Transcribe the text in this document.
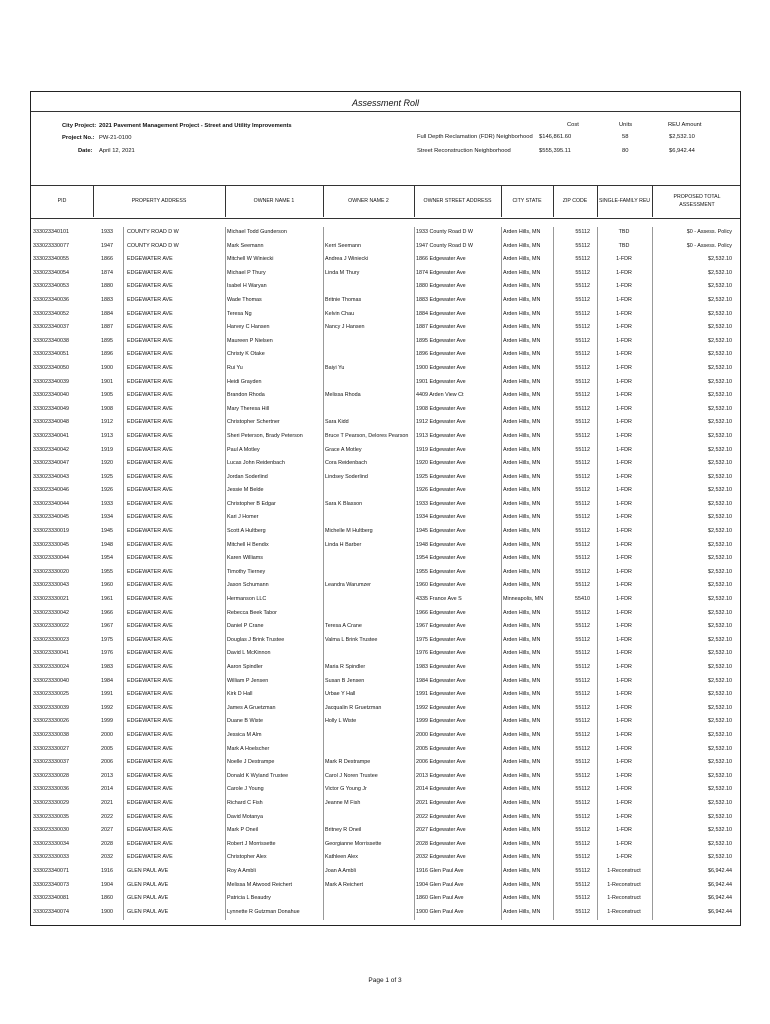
Assessment Roll
City Project: 2021 Pavement Management Project - Street and Utility Improvements
Project No.: PW-21-0100
Date: April 12, 2021
Cost	Units	REU Amount
Full Depth Reclamation (FDR) Neighborhood $146,861.60	58	$2,532.10
Street Reconstruction Neighborhood	$555,395.11	80	$6,942.44
PID	PROPERTY ADDRESS	OWNER NAME 1	OWNER NAME 2	OWNER STREET ADDRESS	CITY STATE	ZIP CODE	SINGLE-FAMILY REU
PROPOSED TOTAL
ASSESSMENT
333023340101	1933	COUNTY ROAD D W	Michael Todd Gunderson	1933 County Road D W	Arden Hills, MN	55112	TBD	$0 - Assess. Policy
333023330077	1947	COUNTY ROAD D W	Mark Seemann	Kerri Seemann	1947 County Road D W	Arden Hills, MN	55112	TBD	$0 - Assess. Policy
333023340055	1866	EDGEWATER AVE	Mitchell W Winiecki	Andrea J Winiecki	1866 Edgewater Ave	Arden Hills, MN	55112	1-FDR	$2,532.10
333023340054	1874	EDGEWATER AVE	Michael P Thury	Linda M Thury	1874 Edgewater Ave	Arden Hills, MN	55112	1-FDR	$2,532.10
333023340053	1880	EDGEWATER AVE	Isabel H Waryan	1880 Edgewater Ave	Arden Hills, MN	55112	1-FDR	$2,532.10
333023340036	1883	EDGEWATER AVE	Wade Thomas	Britnie Thomas	1883 Edgewater Ave	Arden Hills, MN	55112	1-FDR	$2,532.10
333023340052	1884	EDGEWATER AVE	Teresa Ng	Kelvin Chau	1884 Edgewater Ave	Arden Hills, MN	55112	1-FDR	$2,532.10
333023340037	1887	EDGEWATER AVE	Harvey C Hansen	Nancy J Hansen	1887 Edgewater Ave	Arden Hills, MN	55112	1-FDR	$2,532.10
333023340038	1895	EDGEWATER AVE	Maureen P Nielsen	1895 Edgewater Ave	Arden Hills, MN	55112	1-FDR	$2,532.10
333023340051	1896	EDGEWATER AVE	Christy K Otake	1896 Edgewater Ave	Arden Hills, MN	55112	1-FDR	$2,532.10
333023340050	1900	EDGEWATER AVE	Rui Yu	Baiyi Yu	1900 Edgewater Ave	Arden Hills, MN	55112	1-FDR	$2,532.10
333023340039	1901	EDGEWATER AVE	Heidi Grayden	1901 Edgewater Ave	Arden Hills, MN	55112	1-FDR	$2,532.10
333023340040	1905	EDGEWATER AVE	Brandon Rhoda	Melissa Rhoda	4409 Arden View Ct	Arden Hills, MN	55112	1-FDR	$2,532.10
333023340049	1908	EDGEWATER AVE	Mary Theresa Hill	1908 Edgewater Ave	Arden Hills, MN	55112	1-FDR	$2,532.10
333023340048	1912	EDGEWATER AVE	Christopher Schertner	Sara Kidd	1912 Edgewater Ave	Arden Hills, MN	55112	1-FDR	$2,532.10
333023340041	1913	EDGEWATER AVE	Sheri Peterson, Brady Peterson	Bruce T Pearson, Delores Pearson 1913 Edgewater Ave	Arden Hills, MN	55112	1-FDR	$2,532.10
333023340042	1919	EDGEWATER AVE	Paul A Motley	Grace A Motley	1919 Edgewater Ave	Arden Hills, MN	55112	1-FDR	$2,532.10
333023340047	1920	EDGEWATER AVE	Lucas John Reidenbach	Cora Reidenbach	1920 Edgewater Ave	Arden Hills, MN	55112	1-FDR	$2,532.10
333023340043	1925	EDGEWATER AVE	Jordan Soderlind	Lindsey Soderlind	1925 Edgewater Ave	Arden Hills, MN	55112	1-FDR	$2,532.10
333023340046	1926	EDGEWATER AVE	Jessie M Belde	1926 Edgewater Ave	Arden Hills, MN	55112	1-FDR	$2,532.10
333023340044	1933	EDGEWATER AVE	Christopher B Edgar	Sara K Blasson	1933 Edgewater Ave	Arden Hills, MN	55112	1-FDR	$2,532.10
333023340045	1934	EDGEWATER AVE	Kari J Homer	1934 Edgewater Ave	Arden Hills, MN	55112	1-FDR	$2,532.10
333023330019	1945	EDGEWATER AVE	Scott A Hultberg	Michelle M Hultberg	1945 Edgewater Ave	Arden Hills, MN	55112	1-FDR	$2,532.10
333023330045	1948	EDGEWATER AVE	Mitchell H Bendix	Linda H Barber	1948 Edgewater Ave	Arden Hills, MN	55112	1-FDR	$2,532.10
333023330044	1954	EDGEWATER AVE	Karen Williams	1954 Edgewater Ave	Arden Hills, MN	55112	1-FDR	$2,532.10
333023330020	1955	EDGEWATER AVE	Timothy Tierney	1955 Edgewater Ave	Arden Hills, MN	55112	1-FDR	$2,532.10
333023330043	1960	EDGEWATER AVE	Jason Schumann	Leandra Warumzer	1960 Edgewater Ave	Arden Hills, MN	55112	1-FDR	$2,532.10
333023330021	1961	EDGEWATER AVE	Hermanson LLC	4335 France Ave S	Minneapolis, MN	55410	1-FDR	$2,532.10
333023330042	1966	EDGEWATER AVE	Rebecca Beek Tabor	1966 Edgewater Ave	Arden Hills, MN	55112	1-FDR	$2,532.10
333023330022	1967	EDGEWATER AVE	Daniel P Crane	Teresa A Crane	1967 Edgewater Ave	Arden Hills, MN	55112	1-FDR	$2,532.10
333023330023	1975	EDGEWATER AVE	Douglas J Brink Trustee	Valma L Brink Trustee	1975 Edgewater Ave	Arden Hills, MN	55112	1-FDR	$2,532.10
333023330041	1976	EDGEWATER AVE	David L McKinnon	1976 Edgewater Ave	Arden Hills, MN	55112	1-FDR	$2,532.10
333023330024	1983	EDGEWATER AVE	Aaron Spindler	Maria R Spindler	1983 Edgewater Ave	Arden Hills, MN	55112	1-FDR	$2,532.10
333023330040	1984	EDGEWATER AVE	William P Jensen	Susan B Jensen	1984 Edgewater Ave	Arden Hills, MN	55112	1-FDR	$2,532.10
333023330025	1991	EDGEWATER AVE	Kirk D Hall	Urbae Y Hall	1991 Edgewater Ave	Arden Hills, MN	55112	1-FDR	$2,532.10
333023330039	1992	EDGEWATER AVE	James A Gruetzman	Jacqualin R Gruetzman	1992 Edgewater Ave	Arden Hills, MN	55112	1-FDR	$2,532.10
333023330026	1999	EDGEWATER AVE	Duane B Wiste	Holly L Wiste	1999 Edgewater Ave	Arden Hills, MN	55112	1-FDR	$2,532.10
333023330038	2000	EDGEWATER AVE	Jessica M Alm	2000 Edgewater Ave	Arden Hills, MN	55112	1-FDR	$2,532.10
333023330027	2005	EDGEWATER AVE	Mark A Hoelscher	2005 Edgewater Ave	Arden Hills, MN	55112	1-FDR	$2,532.10
333023330037	2006	EDGEWATER AVE	Noelle J Destrampe	Mark R Destrampe	2006 Edgewater Ave	Arden Hills, MN	55112	1-FDR	$2,532.10
333023330028	2013	EDGEWATER AVE	Donald K Wyland Trustee	Carol J Noren Trustee	2013 Edgewater Ave	Arden Hills, MN	55112	1-FDR	$2,532.10
333023330036	2014	EDGEWATER AVE	Carole J Young	Victor G Young Jr	2014 Edgewater Ave	Arden Hills, MN	55112	1-FDR	$2,532.10
333023330029	2021	EDGEWATER AVE	Richard C Fish	Jeanne M Fish	2021 Edgewater Ave	Arden Hills, MN	55112	1-FDR	$2,532.10
333023330035	2022	EDGEWATER AVE	David Motanya	2022 Edgewater Ave	Arden Hills, MN	55112	1-FDR	$2,532.10
333023330030	2027	EDGEWATER AVE	Mark P Oneil	Britney R Oneil	2027 Edgewater Ave	Arden Hills, MN	55112	1-FDR	$2,532.10
333023330034	2028	EDGEWATER AVE	Robert J Morrissette	Georgianne Morrissette	2028 Edgewater Ave	Arden Hills, MN	55112	1-FDR	$2,532.10
333023330033	2032	EDGEWATER AVE	Christopher Alex	Kathleen Alex	2032 Edgewater Ave	Arden Hills, MN	55112	1-FDR	$2,532.10
333023340071	1916	GLEN PAUL AVE	Roy A Ambli	Joan A Ambli	1916 Glen Paul Ave	Arden Hills, MN	55112	1-Reconstruct	$6,942.44
333023340073	1904	GLEN PAUL AVE	Melissa M Atwood Reichert	Mark A Reichert	1904 Glen Paul Ave	Arden Hills, MN	55112	1-Reconstruct	$6,942.44
333023340081	1860	GLEN PAUL AVE	Patricia L Beaudry	1860 Glen Paul Ave	Arden Hills, MN	55112	1-Reconstruct	$6,942.44
333023340074	1900	GLEN PAUL AVE	Lynnette R Gutzman Donahue	1900 Glen Paul Ave	Arden Hills, MN	55112	1-Reconstruct	$6,942.44
Page 1 of 3
